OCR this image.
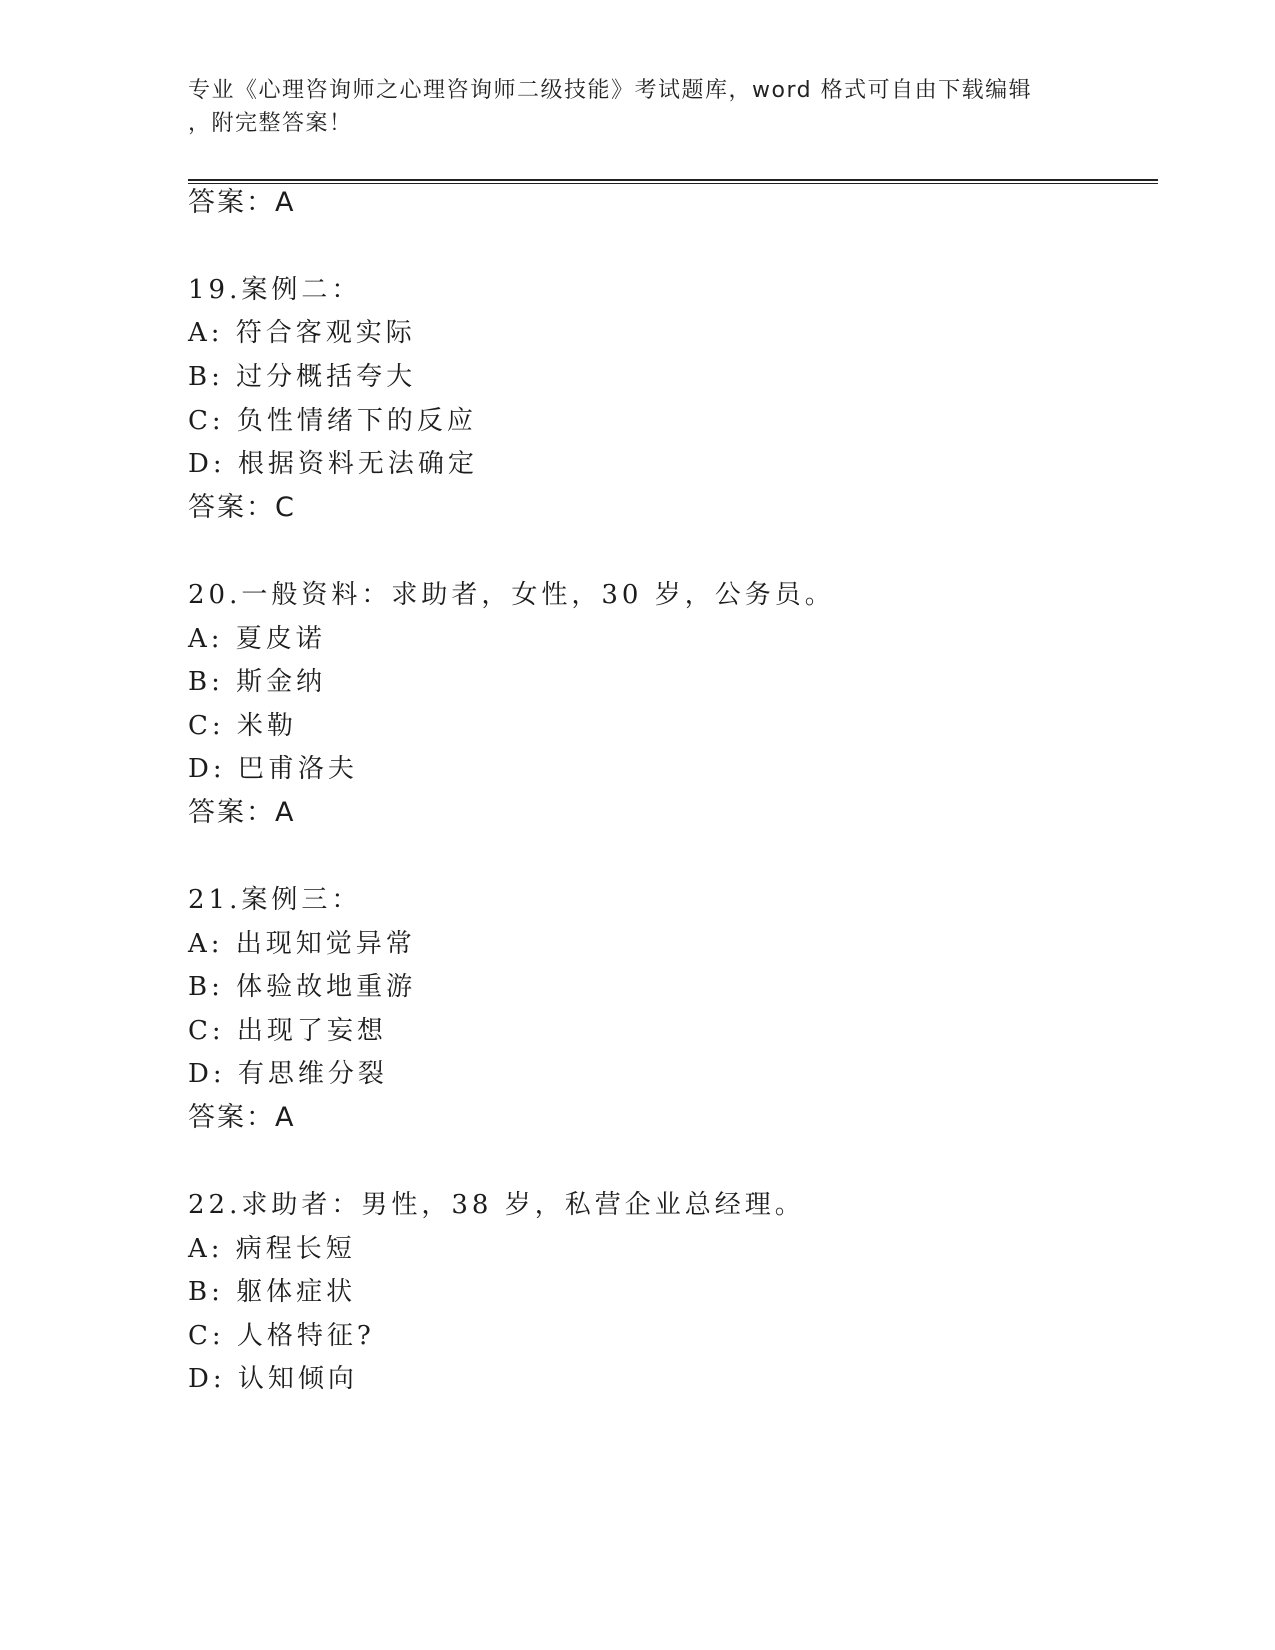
专业《心理咨询师之心理咨询师二级技能》考试题库，word 格式可自由下载编辑
，附完整答案！
答案：A
19.案例二：
A: 符合客观实际
B: 过分概括夸大
C: 负性情绪下的反应
D: 根据资料无法确定
答案：C
20.一般资料：求助者，女性，30 岁，公务员。
A: 夏皮诺
B: 斯金纳
C: 米勒
D: 巴甫洛夫
答案：A
21.案例三：
A: 出现知觉异常
B: 体验故地重游
C: 出现了妄想
D: 有思维分裂
答案：A
22.求助者：男性，38 岁，私营企业总经理。
A: 病程长短
B: 躯体症状
C: 人格特征?
D: 认知倾向
